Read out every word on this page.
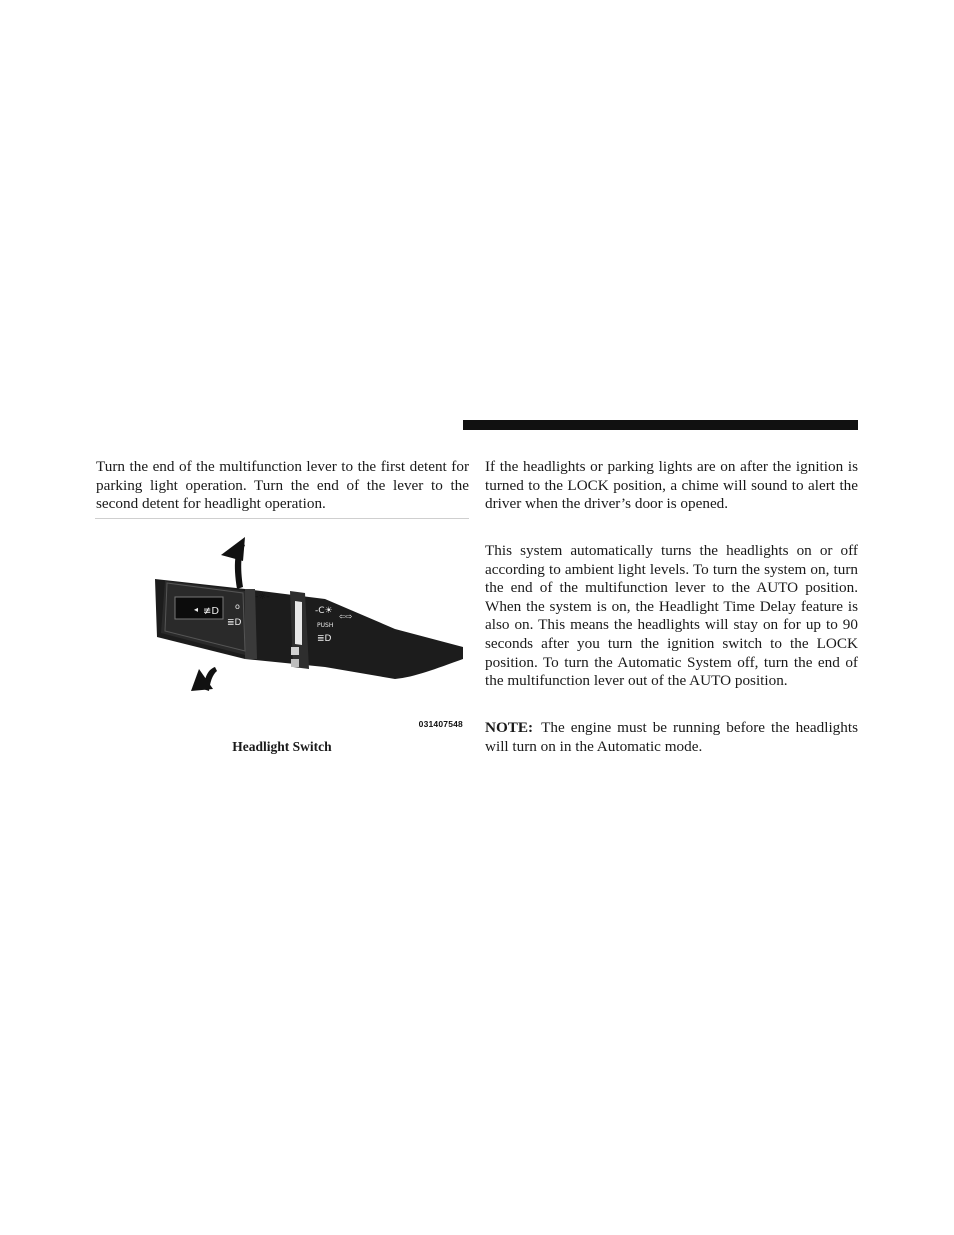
Turn the end of the multifunction lever to the first detent for parking light operation. Turn the end of the lever to the second detent for headlight operation.

≢D
◂
≣D
o
-☼-
-C☀
⇦⇨
PUSH
≣D
031407548
Headlight Switch

If the headlights or parking lights are on after the ignition is turned to the LOCK position, a chime will sound to alert the driver when the driver’s door is opened.

This system automatically turns the headlights on or off according to ambient light levels. To turn the system on, turn the end of the multifunction lever to the AUTO position. When the system is on, the Headlight Time Delay feature is also on. This means the headlights will stay on for up to 90 seconds after you turn the ignition switch to the LOCK position. To turn the Automatic System off, turn the end of the multifunction lever out of the AUTO position.

NOTE: The engine must be running before the headlights will turn on in the Automatic mode.
